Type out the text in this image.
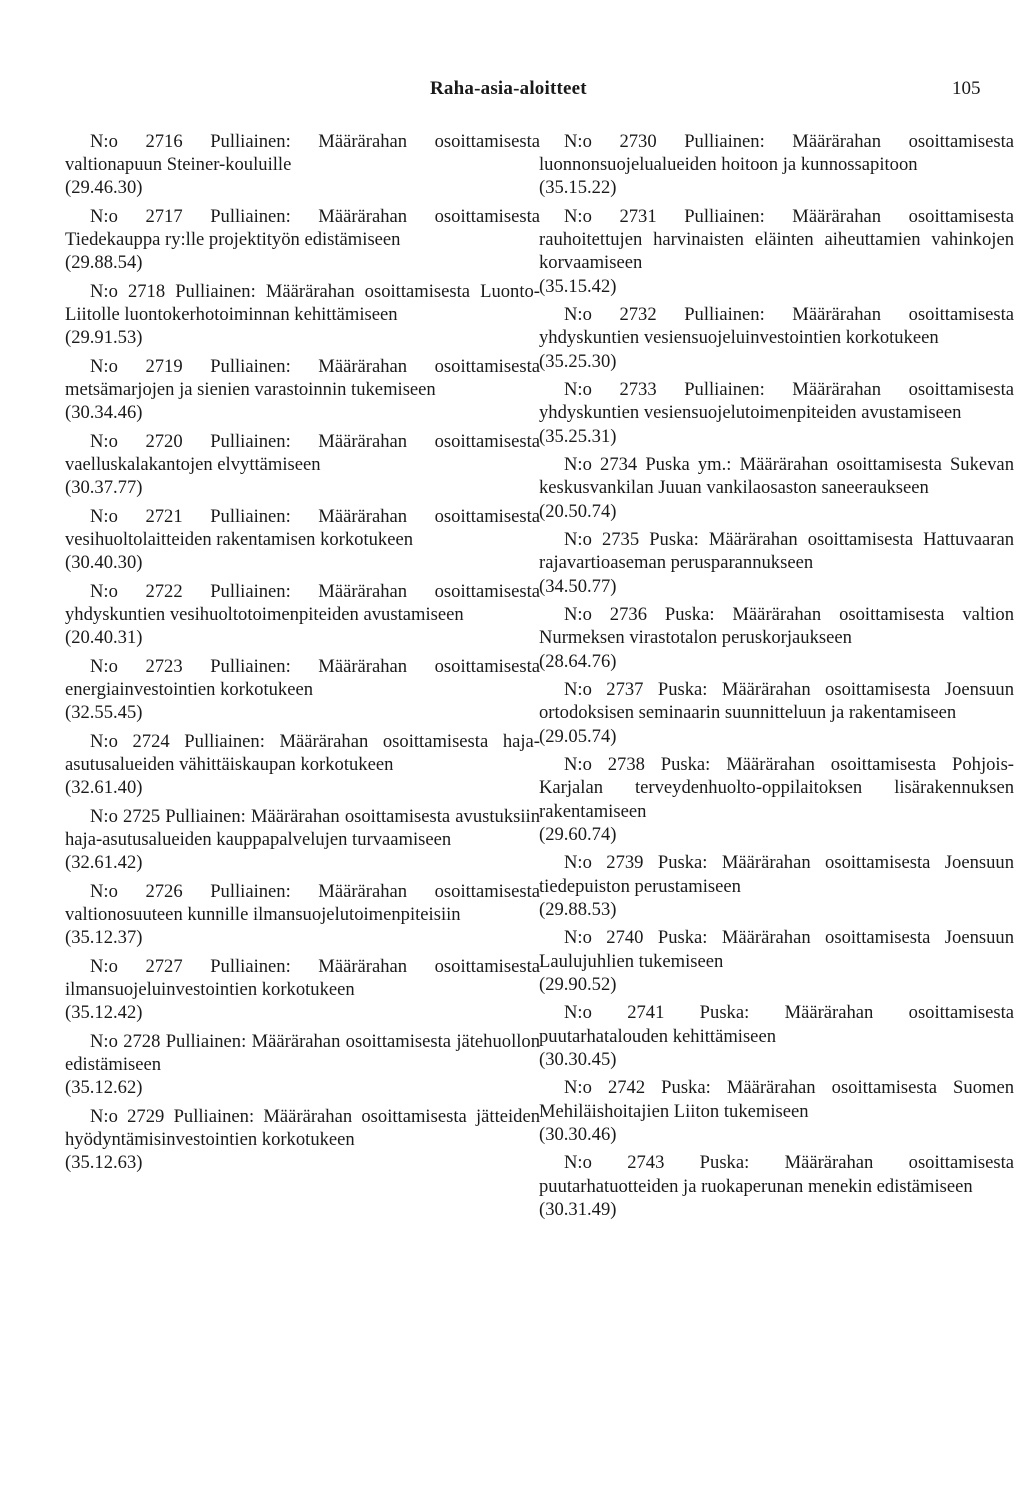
Raha-asia-aloitteet	105

N:o 2716 Pulliainen: Määrärahan osoittamisesta valtionapuun Steiner-kouluille

(29.46.30)

N:o 2717 Pulliainen: Määrärahan osoittamisesta Tiedekauppa ry:lle projektityön edistämiseen

(29.88.54)

N:o 2718 Pulliainen: Määrärahan osoittamisesta Luonto-Liitolle luontokerhotoiminnan kehittämiseen

(29.91.53)

N:o 2719 Pulliainen: Määrärahan osoittamisesta metsämarjojen ja sienien varastoinnin tukemiseen

(30.34.46)

N:o 2720 Pulliainen: Määrärahan osoittamisesta vaelluskalakantojen elvyttämiseen

(30.37.77)

N:o 2721 Pulliainen: Määrärahan osoittamisesta vesihuoltolaitteiden rakentamisen korkotukeen

(30.40.30)

N:o 2722 Pulliainen: Määrärahan osoittamisesta yhdyskuntien vesihuoltotoimenpiteiden avustamiseen

(20.40.31)

N:o 2723 Pulliainen: Määrärahan osoittamisesta energiainvestointien korkotukeen

(32.55.45)

N:o 2724 Pulliainen: Määrärahan osoittamisesta haja-asutusalueiden vähittäiskaupan korkotukeen

(32.61.40)

N:o 2725 Pulliainen: Määrärahan osoittamisesta avustuksiin haja-asutusalueiden kauppapalvelujen turvaamiseen

(32.61.42)

N:o 2726 Pulliainen: Määrärahan osoittamisesta valtionosuuteen kunnille ilmansuojelutoimenpiteisiin

(35.12.37)

N:o 2727 Pulliainen: Määrärahan osoittamisesta ilmansuojeluinvestointien korkotukeen

(35.12.42)

N:o 2728 Pulliainen: Määrärahan osoittamisesta jätehuollon edistämiseen

(35.12.62)

N:o 2729 Pulliainen: Määrärahan osoittamisesta jätteiden hyödyntämisinvestointien korkotukeen

(35.12.63)

N:o 2730 Pulliainen: Määrärahan osoittamisesta luonnonsuojelualueiden hoitoon ja kunnossapitoon

(35.15.22)

N:o 2731 Pulliainen: Määrärahan osoittamisesta rauhoitettujen harvinaisten eläinten aiheuttamien vahinkojen korvaamiseen

(35.15.42)

N:o 2732 Pulliainen: Määrärahan osoittamisesta yhdyskuntien vesiensuojeluinvestointien korkotukeen

(35.25.30)

N:o 2733 Pulliainen: Määrärahan osoittamisesta yhdyskuntien vesiensuojelutoimenpiteiden avustamiseen

(35.25.31)

N:o 2734 Puska ym.: Määrärahan osoittamisesta Sukevan keskusvankilan Juuan vankilaosaston saneeraukseen

(20.50.74)

N:o 2735 Puska: Määrärahan osoittamisesta Hattuvaaran rajavartioaseman perusparannukseen

(34.50.77)

N:o 2736 Puska: Määrärahan osoittamisesta valtion Nurmeksen virastotalon peruskorjaukseen

(28.64.76)

N:o 2737 Puska: Määrärahan osoittamisesta Joensuun ortodoksisen seminaarin suunnitteluun ja rakentamiseen

(29.05.74)

N:o 2738 Puska: Määrärahan osoittamisesta Pohjois-Karjalan terveydenhuolto-oppilaitoksen lisärakennuksen rakentamiseen

(29.60.74)

N:o 2739 Puska: Määrärahan osoittamisesta Joensuun tiedepuiston perustamiseen

(29.88.53)

N:o 2740 Puska: Määrärahan osoittamisesta Joensuun Laulujuhlien tukemiseen

(29.90.52)

N:o 2741 Puska: Määrärahan osoittamisesta puutarhatalouden kehittämiseen

(30.30.45)

N:o 2742 Puska: Määrärahan osoittamisesta Suomen Mehiläishoitajien Liiton tukemiseen

(30.30.46)

N:o 2743 Puska: Määrärahan osoittamisesta puutarhatuotteiden ja ruokaperunan menekin edistämiseen

(30.31.49)
